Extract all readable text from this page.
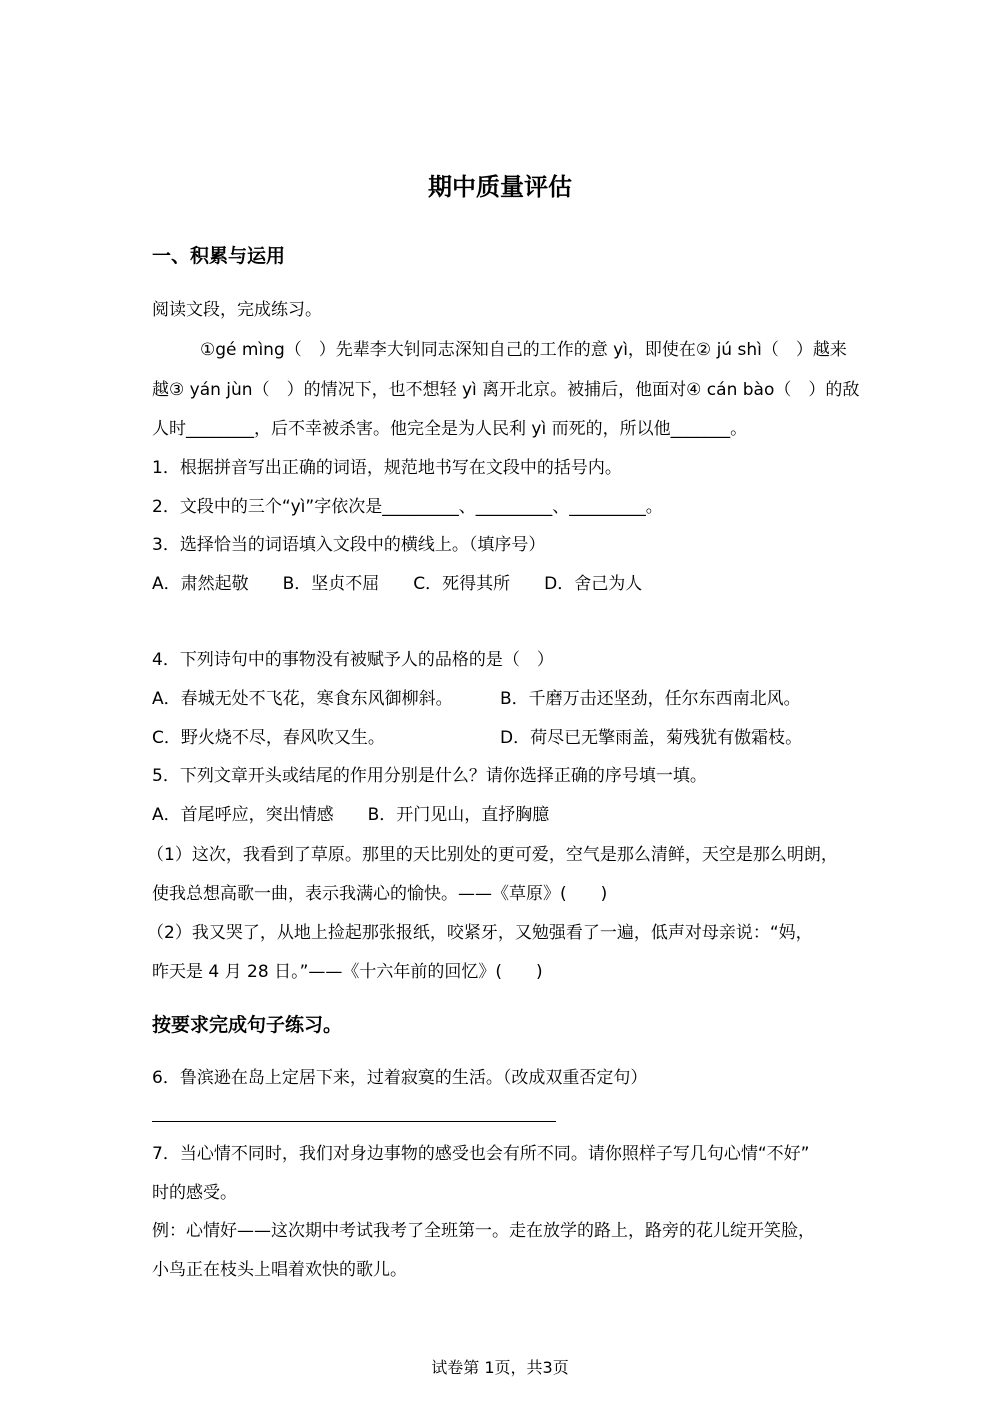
期中质量评估
一、积累与运用
阅读文段，完成练习。
①gé mìng（　）先辈李大钊同志深知自己的工作的意 yì，即使在② jú shì（　）越来
越③ yán jùn（　）的情况下，也不想轻 yì 离开北京。被捕后，他面对④ cán bào（　）的敌
人时________，后不幸被杀害。他完全是为人民利 yì 而死的，所以他_______。
1．根据拼音写出正确的词语，规范地书写在文段中的括号内。
2．文段中的三个“yì”字依次是_________、_________、_________。
3．选择恰当的词语填入文段中的横线上。（填序号）
A．肃然起敬　　B．坚贞不屈　　C．死得其所　　D．舍己为人
4．下列诗句中的事物没有被赋予人的品格的是（　）
A．春城无处不飞花，寒食东风御柳斜。	B．千磨万击还坚劲，任尔东西南北风。
C．野火烧不尽，春风吹又生。	D．荷尽已无擎雨盖，菊残犹有傲霜枝。
5．下列文章开头或结尾的作用分别是什么？请你选择正确的序号填一填。
A．首尾呼应，突出情感　　B．开门见山，直抒胸臆
（1）这次，我看到了草原。那里的天比别处的更可爱，空气是那么清鲜，天空是那么明朗，
使我总想高歌一曲，表示我满心的愉快。——《草原》(　　)
（2）我又哭了，从地上捡起那张报纸，咬紧牙，又勉强看了一遍，低声对母亲说：“妈，
昨天是 4 月 28 日。”——《十六年前的回忆》(　　)
按要求完成句子练习。
6．鲁滨逊在岛上定居下来，过着寂寞的生活。（改成双重否定句）
7．当心情不同时，我们对身边事物的感受也会有所不同。请你照样子写几句心情“不好”
时的感受。
例：心情好——这次期中考试我考了全班第一。走在放学的路上，路旁的花儿绽开笑脸，
小鸟正在枝头上唱着欢快的歌儿。
试卷第 1页，共3页
